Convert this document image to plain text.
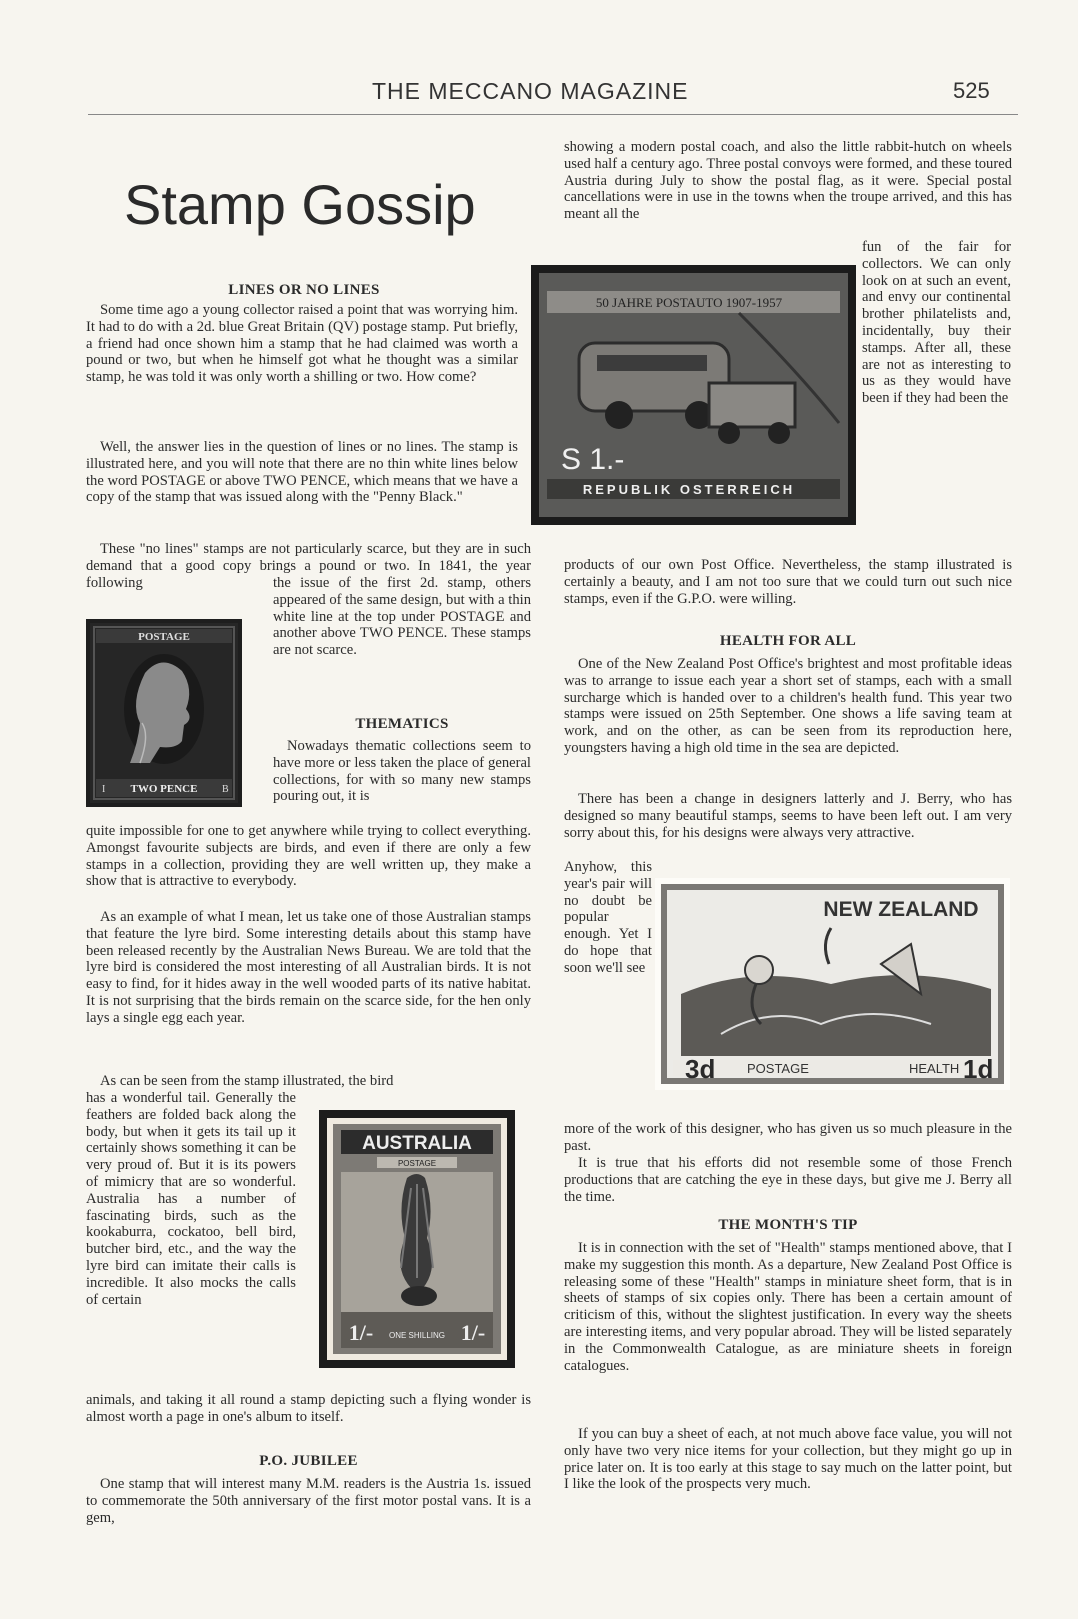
THE MECCANO MAGAZINE	525
Stamp Gossip
LINES OR NO LINES
Some time ago a young collector raised a point that was worrying him. It had to do with a 2d. blue Great Britain (QV) postage stamp. Put briefly, a friend had once shown him a stamp that he had claimed was worth a pound or two, but when he himself got what he thought was a similar stamp, he was told it was only worth a shilling or two. How come?
Well, the answer lies in the question of lines or no lines. The stamp is illustrated here, and you will note that there are no thin white lines below the word POSTAGE or above TWO PENCE, which means that we have a copy of the stamp that was issued along with the "Penny Black."
These "no lines" stamps are not particularly scarce, but they are in such demand that a good copy brings a pound or two. In 1841, the year following	the issue of the first 2d. stamp, others appeared of the same design, but with a thin white line at the top under POSTAGE and another above TWO PENCE. These stamps are not scarce.
POSTAGE
TWO PENCE
I	B
THEMATICS
Nowadays thematic collections seem to have more or less taken the place of general collections, for with so many new stamps pouring out, it is
quite impossible for one to get anywhere while trying to collect everything. Amongst favourite subjects are birds, and even if there are only a few stamps in a collection, providing they are well written up, they make a show that is attractive to everybody.
As an example of what I mean, let us take one of those Australian stamps that feature the lyre bird. Some interesting details about this stamp have been released recently by the Australian News Bureau. We are told that the lyre bird is considered the most interesting of all Australian birds. It is not easy to find, for it hides away in the well wooded parts of its native habitat. It is not surprising that the birds remain on the scarce side, for the hen only lays a single egg each year.
As can be seen from the stamp illustrated, the bird
has a wonderful tail. Generally the feathers are folded back along the body, but when it gets its tail up it certainly shows something it can be very proud of. But it is its powers of mimicry that are so wonderful. Australia has a number of fascinating birds, such as the kookaburra, cockatoo, bell bird, butcher bird, etc., and the way the lyre bird can imitate their calls is incredible. It also mocks the calls of certain
animals, and taking it all round a stamp depicting such a flying wonder is almost worth a page in one's album to itself.
AUSTRALIA
POSTAGE
1/-	1/-
ONE SHILLING
P.O. JUBILEE
One stamp that will interest many M.M. readers is the Austria 1s. issued to commemorate the 50th anniversary of the first motor postal vans. It is a gem,
showing a modern postal coach, and also the little rabbit-hutch on wheels used half a century ago. Three postal convoys were formed, and these toured Austria during July to show the postal flag, as it were. Special postal cancellations were in use in the towns when the troupe arrived, and this has meant all the
50 JAHRE POSTAUTO 1907-1957
S 1.-
REPUBLIK OSTERREICH
fun of the fair for collectors. We can only look on at such an event, and envy our continental brother philatelists and, incidentally, buy their stamps. After all, these are not as interesting to us as they would have been if they had been the
products of our own Post Office. Nevertheless, the stamp illustrated is certainly a beauty, and I am not too sure that we could turn out such nice stamps, even if the G.P.O. were willing.
HEALTH FOR ALL
One of the New Zealand Post Office's brightest and most profitable ideas was to arrange to issue each year a short set of stamps, each with a small surcharge which is handed over to a children's health fund. This year two stamps were issued on 25th September. One shows a life saving team at work, and on the other, as can be seen from its reproduction here, youngsters having a high old time in the sea are depicted.
There has been a change in designers latterly and J. Berry, who has designed so many beautiful stamps, seems to have been left out. I am very sorry about this, for his designs were always very attractive.
Anyhow, this year's pair will no doubt be popular enough. Yet I do hope that soon we'll see
NEW ZEALAND
3d POSTAGE	HEALTH 1d
more of the work of this designer, who has given us so much pleasure in the past.
It is true that his efforts did not resemble some of those French productions that are catching the eye in these days, but give me J. Berry all the time.
THE MONTH'S TIP
It is in connection with the set of "Health" stamps mentioned above, that I make my suggestion this month. As a departure, New Zealand Post Office is releasing some of these "Health" stamps in miniature sheet form, that is in sheets of stamps of six copies only. There has been a certain amount of criticism of this, without the slightest justification. In every way the sheets are interesting items, and very popular abroad. They will be listed separately in the Commonwealth Catalogue, as are miniature sheets in foreign catalogues.
If you can buy a sheet of each, at not much above face value, you will not only have two very nice items for your collection, but they might go up in price later on. It is too early at this stage to say much on the latter point, but I like the look of the prospects very much.
